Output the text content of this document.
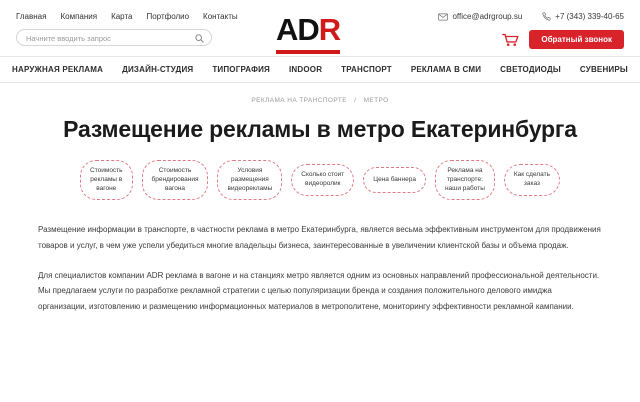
Главная Компания Карта Портфолио Контакты
Начните вводить запрос	ADR	office@adrgroup.su	+7 (343) 339-40-65
Обратный звонок
НАРУЖНАЯ РЕКЛАМА ДИЗАЙН-СТУДИЯ ТИПОГРАФИЯ INDOOR ТРАНСПОРТ РЕКЛАМА В СМИ СВЕТОДИОДЫ СУВЕНИРЫ
РЕКЛАМА НА ТРАНСПОРТЕ / МЕТРО
Размещение рекламы в метро Екатеринбурга
Стоимость
рекламы в
вагоне
Стоимость
брендирования
вагона
Условия
размещения
видеорекламы
Сколько стоит
видеоролик
Цена баннера
Реклама на
транспорте:
наши работы
Как сделать
заказ

Размещение информации в транспорте, в частности реклама в метро Екатеринбурга, является весьма эффективным инструментом для продвижения товаров и услуг, в чем уже успели убедиться многие владельцы бизнеса, заинтересованные в увеличении клиентской базы и объема продаж.

Для специалистов компании ADR реклама в вагоне и на станциях метро является одним из основных направлений профессиональной деятельности. Мы предлагаем услуги по разработке рекламной стратегии с целью популяризации бренда и создания положительного делового имиджа организации, изготовлению и размещению информационных материалов в метрополитене, мониторингу эффективности рекламной кампании.
